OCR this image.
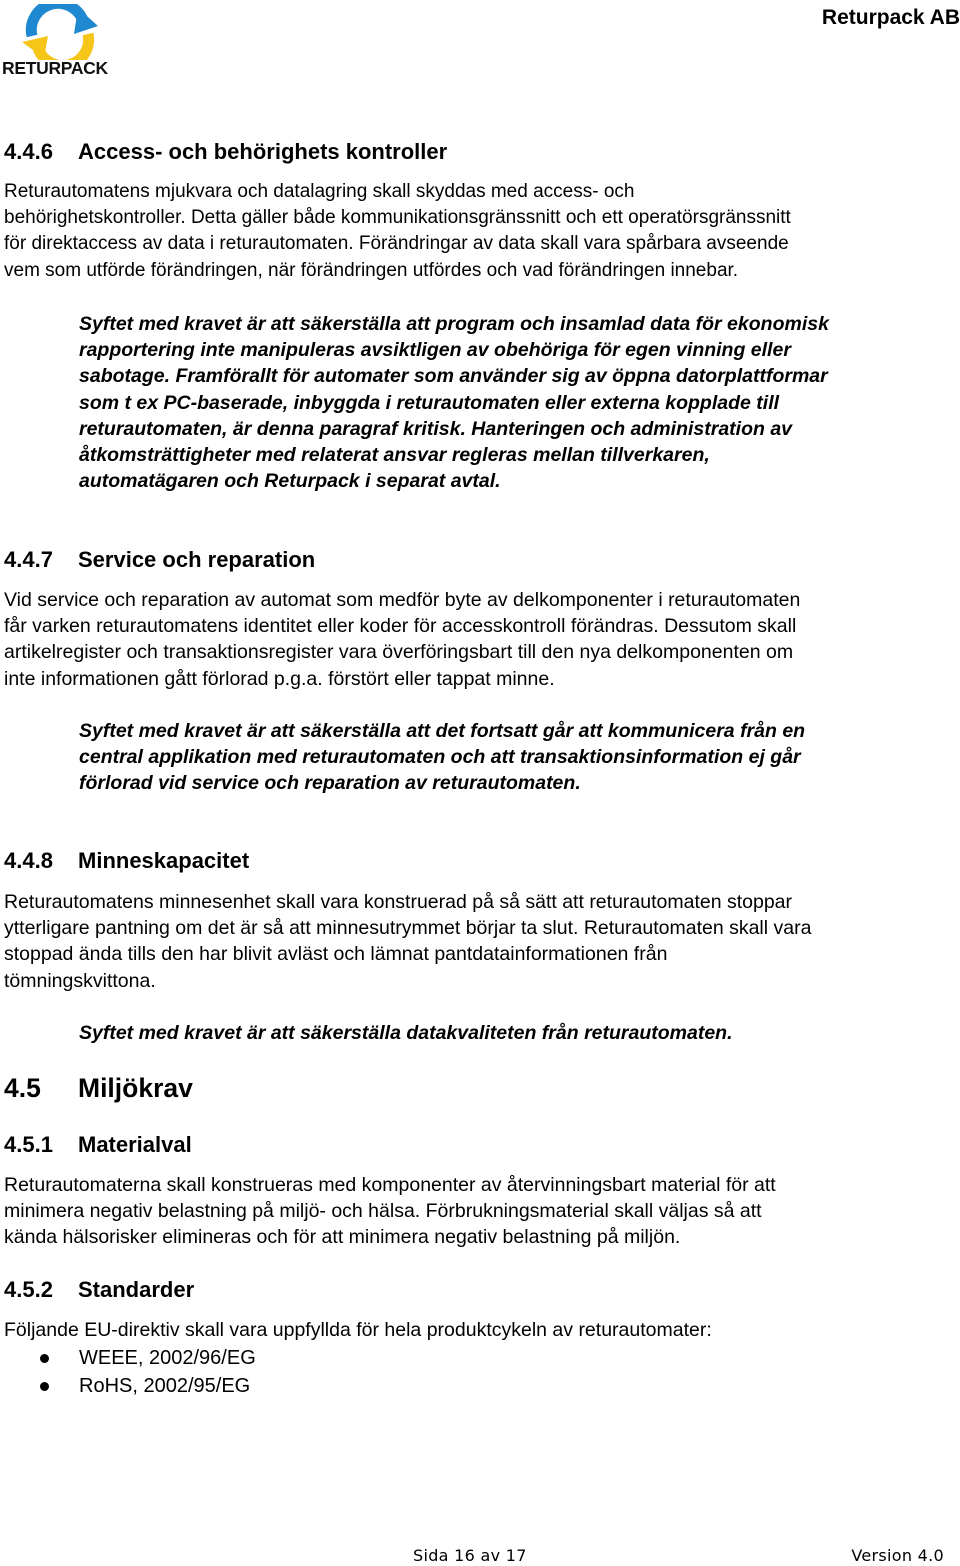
RETURPACK
Returpack AB
4.4.6 Access- och behörighets kontroller

Returautomatens mjukvara och datalagring skall skyddas med access- och
behörighetskontroller. Detta gäller både kommunikationsgränssnitt och ett operatörsgränssnitt
för direktaccess av data i returautomaten. Förändringar av data skall vara spårbara avseende
vem som utförde förändringen, när förändringen utfördes och vad förändringen innebar.

Syftet med kravet är att säkerställa att program och insamlad data för ekonomisk
rapportering inte manipuleras avsiktligen av obehöriga för egen vinning eller
sabotage. Framförallt för automater som använder sig av öppna datorplattformar
som t ex PC-baserade, inbyggda i returautomaten eller externa kopplade till
returautomaten, är denna paragraf kritisk. Hanteringen och administration av
åtkomsträttigheter med relaterat ansvar regleras mellan tillverkaren,
automatägaren och Returpack i separat avtal.

4.4.7 Service och reparation

Vid service och reparation av automat som medför byte av delkomponenter i returautomaten
får varken returautomatens identitet eller koder för accesskontroll förändras. Dessutom skall
artikelregister och transaktionsregister vara överföringsbart till den nya delkomponenten om
inte informationen gått förlorad p.g.a. förstört eller tappat minne.

Syftet med kravet är att säkerställa att det fortsatt går att kommunicera från en
central applikation med returautomaten och att transaktionsinformation ej går
förlorad vid service och reparation av returautomaten.

4.4.8 Minneskapacitet

Returautomatens minnesenhet skall vara konstruerad på så sätt att returautomaten stoppar
ytterligare pantning om det är så att minnesutrymmet börjar ta slut. Returautomaten skall vara
stoppad ända tills den har blivit avläst och lämnat pantdatainformationen från
tömningskvittona.

Syftet med kravet är att säkerställa datakvaliteten från returautomaten.

4.5 Miljökrav
4.5.1 Materialval

Returautomaterna skall konstrueras med komponenter av återvinningsbart material för att
minimera negativ belastning på miljö- och hälsa. Förbrukningsmaterial skall väljas så att
kända hälsorisker elimineras och för att minimera negativ belastning på miljön.

4.5.2 Standarder

Följande EU-direktiv skall vara uppfyllda för hela produktcykeln av returautomater:

WEEE, 2002/96/EG
RoHS, 2002/95/EG
Sida 16 av 17	Version 4.0
